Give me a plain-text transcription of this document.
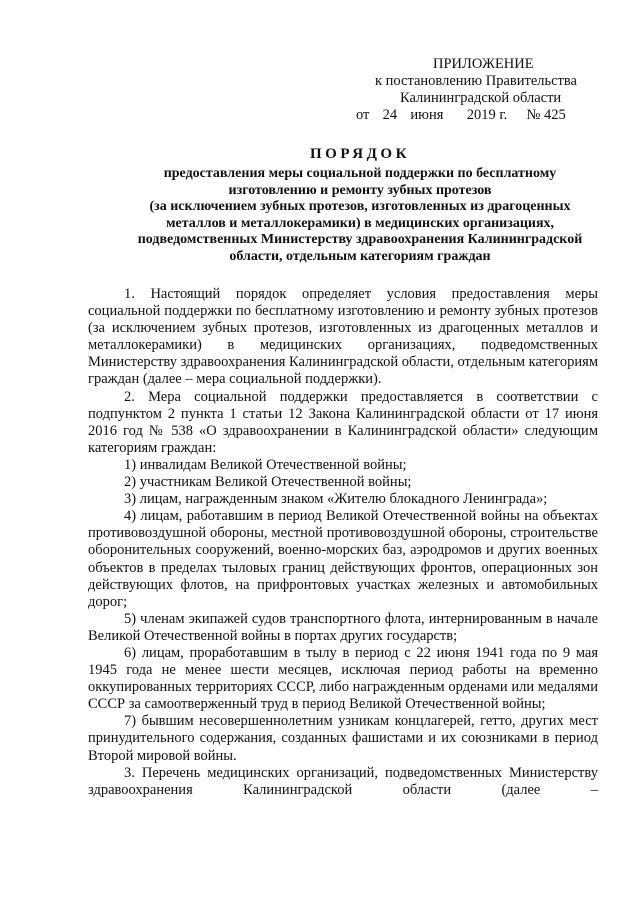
ПРИЛОЖЕНИЕ
к постановлению Правительства
Калининградской области
от 24 июня 2019 г. № 425
ПОРЯДОК
предоставления меры социальной поддержки по бесплатному
изготовлению и ремонту зубных протезов
(за исключением зубных протезов, изготовленных из драгоценных
металлов и металлокерамики) в медицинских организациях,
подведомственных Министерству здравоохранения Калининградской
области, отдельным категориям граждан

1. Настоящий порядок определяет условия предоставления меры социальной поддержки по бесплатному изготовлению и ремонту зубных протезов (за исключением зубных протезов, изготовленных из драгоценных металлов и металлокерамики) в медицинских организациях, подведомственных Министерству здравоохранения Калининградской области, отдельным категориям граждан (далее – мера социальной поддержки).

2. Мера социальной поддержки предоставляется в соответствии с подпунктом 2 пункта 1 статьи 12 Закона Калининградской области от 17 июня 2016 год № 538 «О здравоохранении в Калининградской области» следующим категориям граждан:

1) инвалидам Великой Отечественной войны;

2) участникам Великой Отечественной войны;

3) лицам, награжденным знаком «Жителю блокадного Ленинграда»;

4) лицам, работавшим в период Великой Отечественной войны на объектах противовоздушной обороны, местной противовоздушной обороны, строительстве оборонительных сооружений, военно-морских баз, аэродромов и других военных объектов в пределах тыловых границ действующих фронтов, операционных зон действующих флотов, на прифронтовых участках железных и автомобильных дорог;

5) членам экипажей судов транспортного флота, интернированным в начале Великой Отечественной войны в портах других государств;

6) лицам, проработавшим в тылу в период с 22 июня 1941 года по 9 мая 1945 года не менее шести месяцев, исключая период работы на временно оккупированных территориях СССР, либо награжденным орденами или медалями СССР за самоотверженный труд в период Великой Отечественной войны;

7) бывшим несовершеннолетним узникам концлагерей, гетто, других мест принудительного содержания, созданных фашистами и их союзниками в период Второй мировой войны.

3. Перечень медицинских организаций, подведомственных Министерству здравоохранения Калининградской области (далее –
